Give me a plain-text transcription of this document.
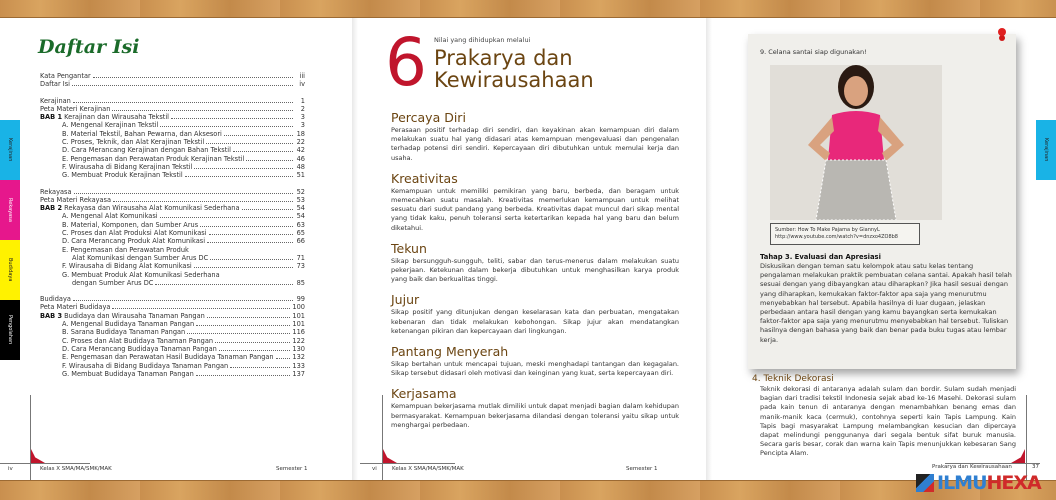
Kerajinan
Rekayasa
Budidaya
Pengolahan
Daftar Isi
Kata Pengantar	iii
Daftar Isi	iv
Kerajinan	1
Peta Materi Kerajinan	2
BAB 1 Kerajinan dan Wirausaha Tekstil	3
A. Mengenal Kerajinan Tekstil	3
B. Material Tekstil, Bahan Pewarna, dan Aksesori	18
C. Proses, Teknik, dan Alat Kerajinan Tekstil	22
D. Cara Merancang Kerajinan dengan Bahan Tekstil	42
E. Pengemasan dan Perawatan Produk Kerajinan Tekstil	46
F. Wirausaha di Bidang Kerajinan Tekstil	48
G. Membuat Produk Kerajinan Tekstil	51
Rekayasa	52
Peta Materi Rekayasa	53
BAB 2 Rekayasa dan Wirausaha Alat Komunikasi Sederhana	54
A. Mengenal Alat Komunikasi	54
B. Material, Komponen, dan Sumber Arus	63
C. Proses dan Alat Produksi Alat Komunikasi	65
D. Cara Merancang Produk Alat Komunikasi	66
E. Pengemasan dan Perawatan Produk
Alat Komunikasi dengan Sumber Arus DC	71
F. Wirausaha di Bidang Alat Komunikasi	73
G. Membuat Produk Alat Komunikasi Sederhana
dengan Sumber Arus DC	85
Budidaya	99
Peta Materi Budidaya	100
BAB 3 Budidaya dan Wirausaha Tanaman Pangan	101
A. Mengenal Budidaya Tanaman Pangan	101
B. Sarana Budidaya Tanaman Pangan	116
C. Proses dan Alat Budidaya Tanaman Pangan	122
D. Cara Merancang Budidaya Tanaman Pangan	130
E. Pengemasan dan Perawatan Hasil Budidaya Tanaman Pangan	132
F. Wirausaha di Bidang Budidaya Tanaman Pangan	133
G. Membuat Budidaya Tanaman Pangan	137
iv	Kelas X SMA/MA/SMK/MAK	Semester 1
6 Nilai yang dihidupkan melalui
Prakarya dan
Kewirausahaan
Percaya Diri

Perasaan positif terhadap diri sendiri, dan keyakinan akan kemampuan diri dalam melakukan suatu hal yang didasari atas kemampuan mengevaluasi dan pengenalan terhadap potensi diri sendiri. Kepercayaan diri dibutuhkan untuk memulai kerja dan usaha.

Kreativitas

Kemampuan untuk memiliki pemikiran yang baru, berbeda, dan beragam untuk memecahkan suatu masalah. Kreativitas memerlukan kemampuan untuk melihat sesuatu dari sudut pandang yang berbeda. Kreativitas dapat muncul dari sikap mental yang tidak kaku, penuh toleransi serta ketertarikan kepada hal yang baru dan belum diketahui.

Tekun

Sikap bersungguh-sungguh, teliti, sabar dan terus-menerus dalam melakukan suatu pekerjaan. Ketekunan dalam bekerja dibutuhkan untuk menghasilkan karya produk yang baik dan berkualitas tinggi.

Jujur

Sikap positif yang ditunjukan dengan keselarasan kata dan perbuatan, mengatakan kebenaran dan tidak melakukan kebohongan. Sikap jujur akan mendatangkan ketenangan pikiran dan kepercayaan dari lingkungan.

Pantang Menyerah

Sikap bertahan untuk mencapai tujuan, meski menghadapi tantangan dan kegagalan. Sikap tersebut didasari oleh motivasi dan keinginan yang kuat, serta kepercayaan diri.

Kerjasama

Kemampuan bekerjasama mutlak dimiliki untuk dapat menjadi bagian dalam kehidupan bermasyarakat. Kemampuan bekerjasama dilandasi dengan toleransi yaitu sikap untuk menghargai perbedaan.

vi	Kelas X SMA/MA/SMK/MAK	Semester 1
Kerajinan
9. Celana santai siap digunakan!
Sumber: How To Make Pajama by GiannyL
http://www.youtube.com/watch?v=dnzxo4ZO8b8
Tahap 3. Evaluasi dan Apresiasi

Diskusikan dengan teman satu kelompok atau satu kelas tentang pengalaman melakukan praktik pembuatan celana santai. Apakah hasil telah sesuai dengan yang dibayangkan atau diharapkan? Jika hasil sesuai dengan yang diharapkan, kemukakan faktor-faktor apa saja yang menurutmu menyebabkan hal tersebut. Apabila hasilnya di luar dugaan, jelaskan perbedaan antara hasil dengan yang kamu bayangkan serta kemukakan faktor-faktor apa saja yang menurutmu menyebabkan hal tersebut. Tuliskan hasilnya dengan bahasa yang baik dan benar pada buku tugas atau lembar kerja.

4. Teknik Dekorasi

Teknik dekorasi di antaranya adalah sulam dan bordir. Sulam sudah menjadi bagian dari tradisi tekstil Indonesia sejak abad ke-16 Masehi. Dekorasi sulam pada kain tenun di antaranya dengan menambahkan benang emas dan manik-manik kaca (cermuk), contohnya seperti kain Tapis Lampung. Kain Tapis bagi masyarakat Lampung melambangkan kesucian dan dipercaya dapat melindungi penggunanya dari segala bentuk sifat buruk manusia. Secara garis besar, corak dan warna kain Tapis menunjukkan kebesaran Sang Pencipta Alam.

Prakarya dan Kewirausahaan	37
ILMU HEXA
